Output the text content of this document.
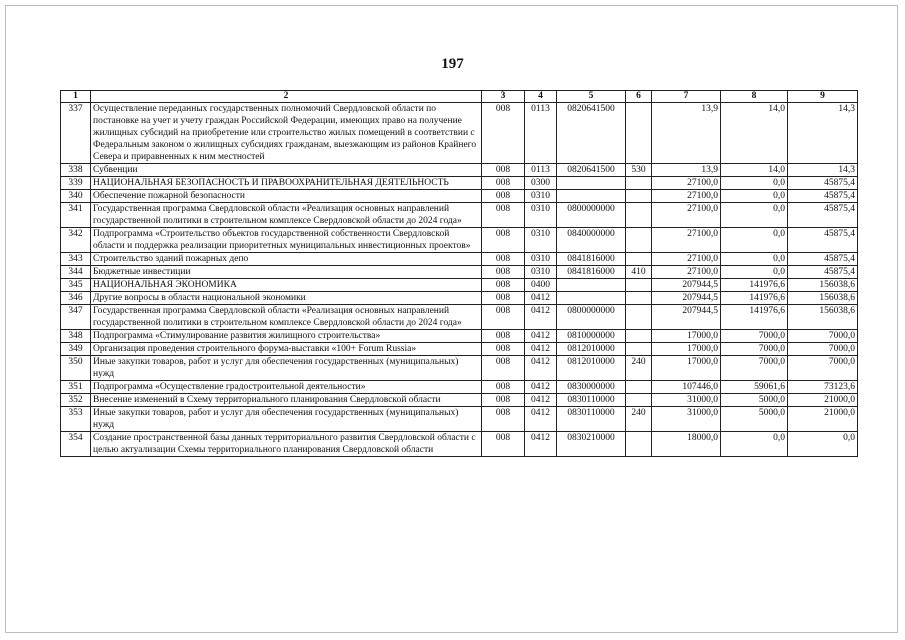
197
1	2	3	4	5	6	7	8	9
337	Осуществление переданных государственных полномочий Свердловской области по постановке на учет и учету граждан Российской Федерации, имеющих право на получение жилищных субсидий на приобретение или строительство жилых помещений в соответствии с Федеральным законом о жилищных субсидиях гражданам, выезжающим из районов Крайнего Севера и приравненных к ним местностей	008	0113	0820641500		13,9	14,0	14,3
338	Субвенции	008	0113	0820641500	530	13,9	14,0	14,3
339	НАЦИОНАЛЬНАЯ БЕЗОПАСНОСТЬ И ПРАВООХРАНИТЕЛЬНАЯ ДЕЯТЕЛЬНОСТЬ	008	0300			27100,0	0,0	45875,4
340	Обеспечение пожарной безопасности	008	0310			27100,0	0,0	45875,4
341	Государственная программа Свердловской области «Реализация основных направлений государственной политики в строительном комплексе Свердловской области до 2024 года»	008	0310	0800000000		27100,0	0,0	45875,4
342	Подпрограмма «Строительство объектов государственной собственности Свердловской области и поддержка реализации приоритетных муниципальных инвестиционных проектов»	008	0310	0840000000		27100,0	0,0	45875,4
343	Строительство зданий пожарных депо	008	0310	0841816000		27100,0	0,0	45875,4
344	Бюджетные инвестиции	008	0310	0841816000	410	27100,0	0,0	45875,4
345	НАЦИОНАЛЬНАЯ ЭКОНОМИКА	008	0400			207944,5	141976,6	156038,6
346	Другие вопросы в области национальной экономики	008	0412			207944,5	141976,6	156038,6
347	Государственная программа Свердловской области «Реализация основных направлений государственной политики в строительном комплексе Свердловской области до 2024 года»	008	0412	0800000000		207944,5	141976,6	156038,6
348	Подпрограмма «Стимулирование развития жилищного строительства»	008	0412	0810000000		17000,0	7000,0	7000,0
349	Организация проведения строительного форума-выставки «100+ Forum Russia»	008	0412	0812010000		17000,0	7000,0	7000,0
350	Иные закупки товаров, работ и услуг для обеспечения государственных (муниципальных) нужд	008	0412	0812010000	240	17000,0	7000,0	7000,0
351	Подпрограмма «Осуществление градостроительной деятельности»	008	0412	0830000000		107446,0	59061,6	73123,6
352	Внесение изменений в Схему территориального планирования Свердловской области	008	0412	0830110000		31000,0	5000,0	21000,0
353	Иные закупки товаров, работ и услуг для обеспечения государственных (муниципальных) нужд	008	0412	0830110000	240	31000,0	5000,0	21000,0
354	Создание пространственной базы данных территориального развития Свердловской области с целью актуализации Схемы территориального планирования Свердловской области	008	0412	0830210000		18000,0	0,0	0,0
